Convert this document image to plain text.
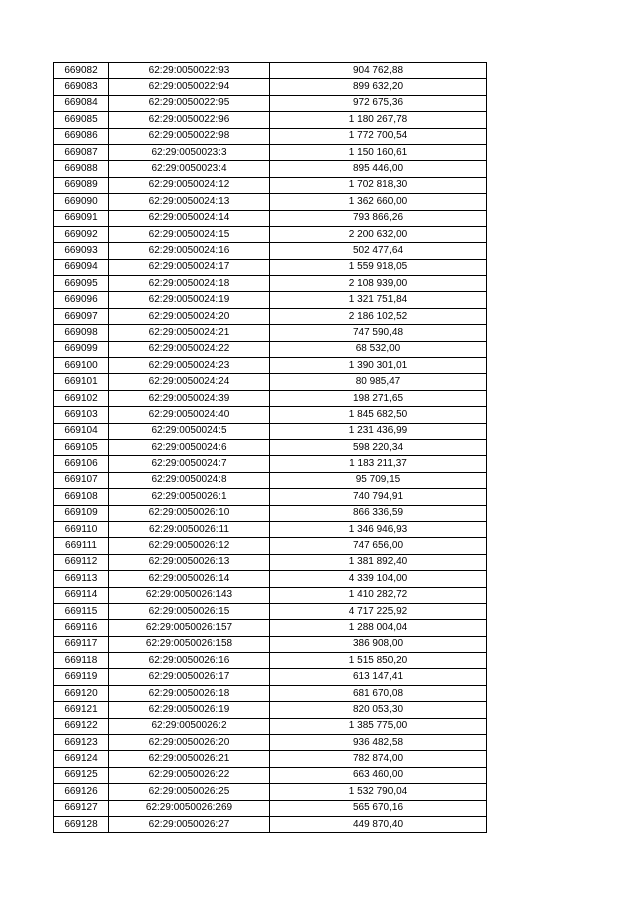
669082	62:29:0050022:93	904 762,88
669083	62:29:0050022:94	899 632,20
669084	62:29:0050022:95	972 675,36
669085	62:29:0050022:96	1 180 267,78
669086	62:29:0050022:98	1 772 700,54
669087	62:29:0050023:3	1 150 160,61
669088	62:29:0050023:4	895 446,00
669089	62:29:0050024:12	1 702 818,30
669090	62:29:0050024:13	1 362 660,00
669091	62:29:0050024:14	793 866,26
669092	62:29:0050024:15	2 200 632,00
669093	62:29:0050024:16	502 477,64
669094	62:29:0050024:17	1 559 918,05
669095	62:29:0050024:18	2 108 939,00
669096	62:29:0050024:19	1 321 751,84
669097	62:29:0050024:20	2 186 102,52
669098	62:29:0050024:21	747 590,48
669099	62:29:0050024:22	68 532,00
669100	62:29:0050024:23	1 390 301,01
669101	62:29:0050024:24	80 985,47
669102	62:29:0050024:39	198 271,65
669103	62:29:0050024:40	1 845 682,50
669104	62:29:0050024:5	1 231 436,99
669105	62:29:0050024:6	598 220,34
669106	62:29:0050024:7	1 183 211,37
669107	62:29:0050024:8	95 709,15
669108	62:29:0050026:1	740 794,91
669109	62:29:0050026:10	866 336,59
669110	62:29:0050026:11	1 346 946,93
669111	62:29:0050026:12	747 656,00
669112	62:29:0050026:13	1 381 892,40
669113	62:29:0050026:14	4 339 104,00
669114	62:29:0050026:143	1 410 282,72
669115	62:29:0050026:15	4 717 225,92
669116	62:29:0050026:157	1 288 004,04
669117	62:29:0050026:158	386 908,00
669118	62:29:0050026:16	1 515 850,20
669119	62:29:0050026:17	613 147,41
669120	62:29:0050026:18	681 670,08
669121	62:29:0050026:19	820 053,30
669122	62:29:0050026:2	1 385 775,00
669123	62:29:0050026:20	936 482,58
669124	62:29:0050026:21	782 874,00
669125	62:29:0050026:22	663 460,00
669126	62:29:0050026:25	1 532 790,04
669127	62:29:0050026:269	565 670,16
669128	62:29:0050026:27	449 870,40
